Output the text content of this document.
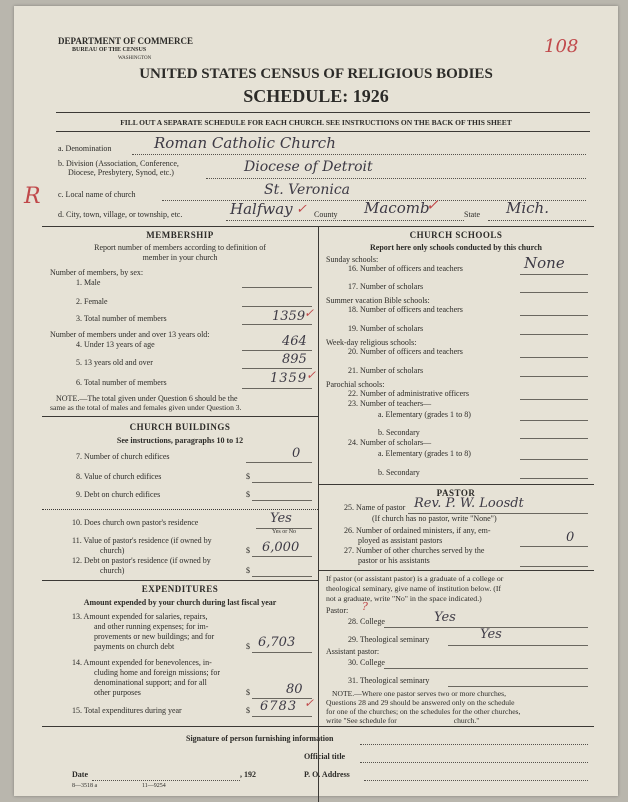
DEPARTMENT OF COMMERCE
BUREAU OF THE CENSUS
WASHINGTON
108
UNITED STATES CENSUS OF RELIGIOUS BODIES
SCHEDULE: 1926
FILL OUT A SEPARATE SCHEDULE FOR EACH CHURCH. SEE INSTRUCTIONS ON THE BACK OF THIS SHEET
a. Denomination	Roman Catholic Church
b. Division (Association, Conference,
Diocese, Presbytery, Synod, etc.)	Diocese of Detroit
c. Local name of church	St. Veronica
R
d. City, town, village, or township, etc.	Halfway ✓ County Macomb
✓
State Mich.
MEMBERSHIP
Report number of members according to definition of
member in your church
Number of members, by sex:
1. Male
2. Female
3. Total number of members	1359
✓
Number of members under and over 13 years old:
4. Under 13 years of age	464
5. 13 years old and over	895
6. Total number of members	1359
✓
NOTE.—The total given under Question 6 should be the
same as the total of males and females given under Question 3.
CHURCH BUILDINGS
See instructions, paragraphs 10 to 12
7. Number of church edifices	0
8. Value of church edifices	$
9. Debt on church edifices	$
10. Does church own pastor's residence	Yes
Yes or No
11. Value of pastor's residence (if owned by
church)	$ 6,000
12. Debt on pastor's residence (if owned by
church)	$
EXPENDITURES
Amount expended by your church during last fiscal year
13. Amount expended for salaries, repairs,
and other running expenses; for im-
provements or new buildings; and for
payments on church debt	$ 6,703
14. Amount expended for benevolences, in-
cluding home and foreign missions; for
denominational support; and for all
other purposes	$	80
15. Total expenditures during year	$ 6783 ✓
CHURCH SCHOOLS
Report here only schools conducted by this church
Sunday schools:
16. Number of officers and teachers	None
17. Number of scholars
Summer vacation Bible schools:
18. Number of officers and teachers
19. Number of scholars
Week-day religious schools:
20. Number of officers and teachers
21. Number of scholars
Parochial schools:
22. Number of administrative officers
23. Number of teachers—
a. Elementary (grades 1 to 8)
b. Secondary
24. Number of scholars—
a. Elementary (grades 1 to 8)
b. Secondary
PASTOR
25. Name of pastor Rev. P. W. Loosdt
(If church has no pastor, write "None")
26. Number of ordained ministers, if any, em-
ployed as assistant pastors	0
27. Number of other churches served by the
pastor or his assistants
If pastor (or assistant pastor) is a graduate of a college or
theological seminary, give name of institution below. (If
not a graduate, write "No" in the space indicated.)
Pastor: ?
28. College	Yes
29. Theological seminary	Yes
Assistant pastor:
30. College
31. Theological seminary
NOTE.—Where one pastor serves two or more churches,
Questions 28 and 29 should be answered only on the schedule
for one of the churches; on the schedules for the other churches,
write "See schedule for                              church."
Signature of person furnishing information
Official title
Date	, 192	P. O. Address
8—3518 a	11—9254
